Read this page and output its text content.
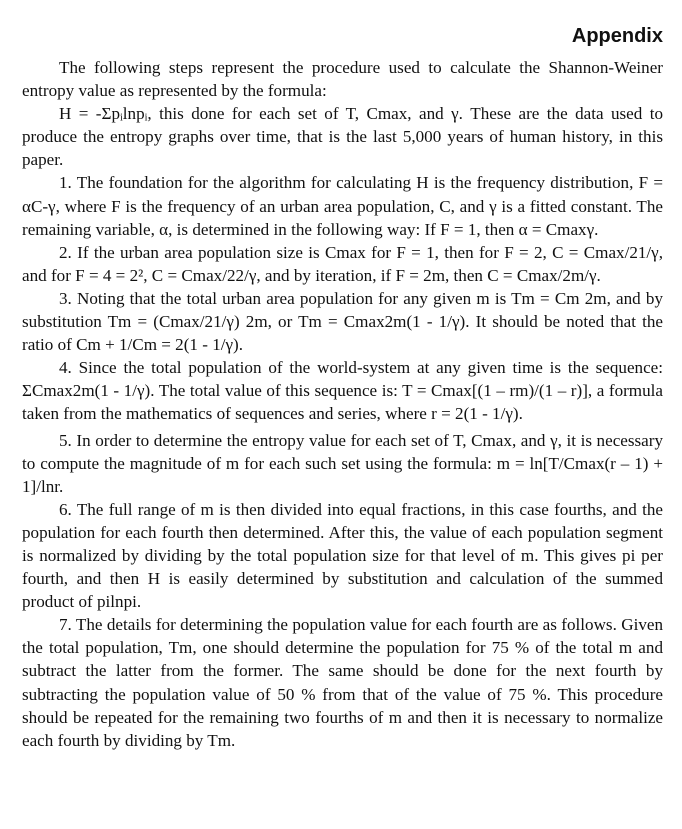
Appendix

The following steps represent the procedure used to calculate the Shannon-Weiner entropy value as represented by the formula:

H = -Σpᵢlnpᵢ, this done for each set of T, Cmax, and γ. These are the data used to produce the entropy graphs over time, that is the last 5,000 years of human history, in this paper.

1. The foundation for the algorithm for calculating H is the frequency distribution, F = αC-γ, where F is the frequency of an urban area population, C, and γ is a fitted constant. The remaining variable, α, is determined in the following way: If F = 1, then α = Cmaxγ.

2. If the urban area population size is Cmax for F = 1, then for F = 2, C = Cmax/21/γ, and for F = 4 = 2², C = Cmax/22/γ, and by iteration, if F = 2m, then C = Cmax/2m/γ.

3. Noting that the total urban area population for any given m is Tm = Cm 2m, and by substitution Tm = (Cmax/21/γ) 2m, or Tm = Cmax2m(1 - 1/γ). It should be noted that the ratio of Cm + 1/Cm = 2(1 - 1/γ).

4. Since the total population of the world-system at any given time is the sequence: ΣCmax2m(1 - 1/γ). The total value of this sequence is: T = Cmax[(1 – rm)/(1 – r)], a formula taken from the mathematics of sequences and series, where r = 2(1 - 1/γ).

5. In order to determine the entropy value for each set of T, Cmax, and γ, it is necessary to compute the magnitude of m for each such set using the formula: m = ln[T/Cmax(r – 1) + 1]/lnr.

6. The full range of m is then divided into equal fractions, in this case fourths, and the population for each fourth then determined. After this, the value of each population segment is normalized by dividing by the total population size for that level of m. This gives pi per fourth, and then H is easily determined by substitution and calculation of the summed product of pilnpi.

7. The details for determining the population value for each fourth are as follows. Given the total population, Tm, one should determine the population for 75 % of the total m and subtract the latter from the former. The same should be done for the next fourth by subtracting the population value of 50 % from that of the value of 75 %. This procedure should be repeated for the remaining two fourths of m and then it is necessary to normalize each fourth by dividing by Tm.
